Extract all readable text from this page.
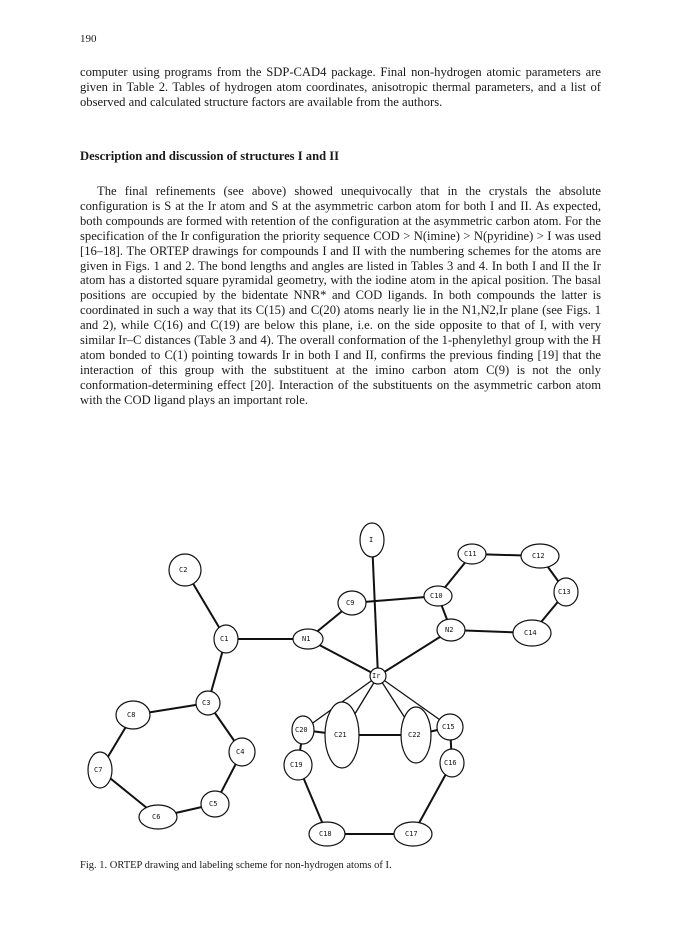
190
computer using programs from the SDP-CAD4 package. Final non-hydrogen atomic parameters are given in Table 2. Tables of hydrogen atom coordinates, anisotropic thermal parameters, and a list of observed and calculated structure factors are available from the authors.
Description and discussion of structures I and II
The final refinements (see above) showed unequivocally that in the crystals the absolute configuration is S at the Ir atom and S at the asymmetric carbon atom for both I and II. As expected, both compounds are formed with retention of the configuration at the asymmetric carbon atom. For the specification of the Ir configuration the priority sequence COD > N(imine) > N(pyridine) > I was used [16–18]. The ORTEP drawings for compounds I and II with the numbering schemes for the atoms are given in Figs. 1 and 2. The bond lengths and angles are listed in Tables 3 and 4. In both I and II the Ir atom has a distorted square pyramidal geometry, with the iodine atom in the apical position. The basal positions are occupied by the bidentate NNR* and COD ligands. In both compounds the latter is coordinated in such a way that its C(15) and C(20) atoms nearly lie in the N1,N2,Ir plane (see Figs. 1 and 2), while C(16) and C(19) are below this plane, i.e. on the side opposite to that of I, with very similar Ir–C distances (Table 3 and 4). The overall conformation of the 1-phenylethyl group with the H atom bonded to C(1) pointing towards Ir in both I and II, confirms the previous finding [19] that the interaction of this group with the substituent at the imino carbon atom C(9) is not the only conformation-determining effect [20]. Interaction of the substituents on the asymmetric carbon atom with the COD ligand plays an important role.
I
Ir
N1
N2
C1
C2
C3
C4
C5
C6
C7
C8
C9
C10
C11	C12
C13
C14
C15
C16
C17
C18
C19
C20
C21	C22
Fig. 1. ORTEP drawing and labeling scheme for non-hydrogen atoms of I.
